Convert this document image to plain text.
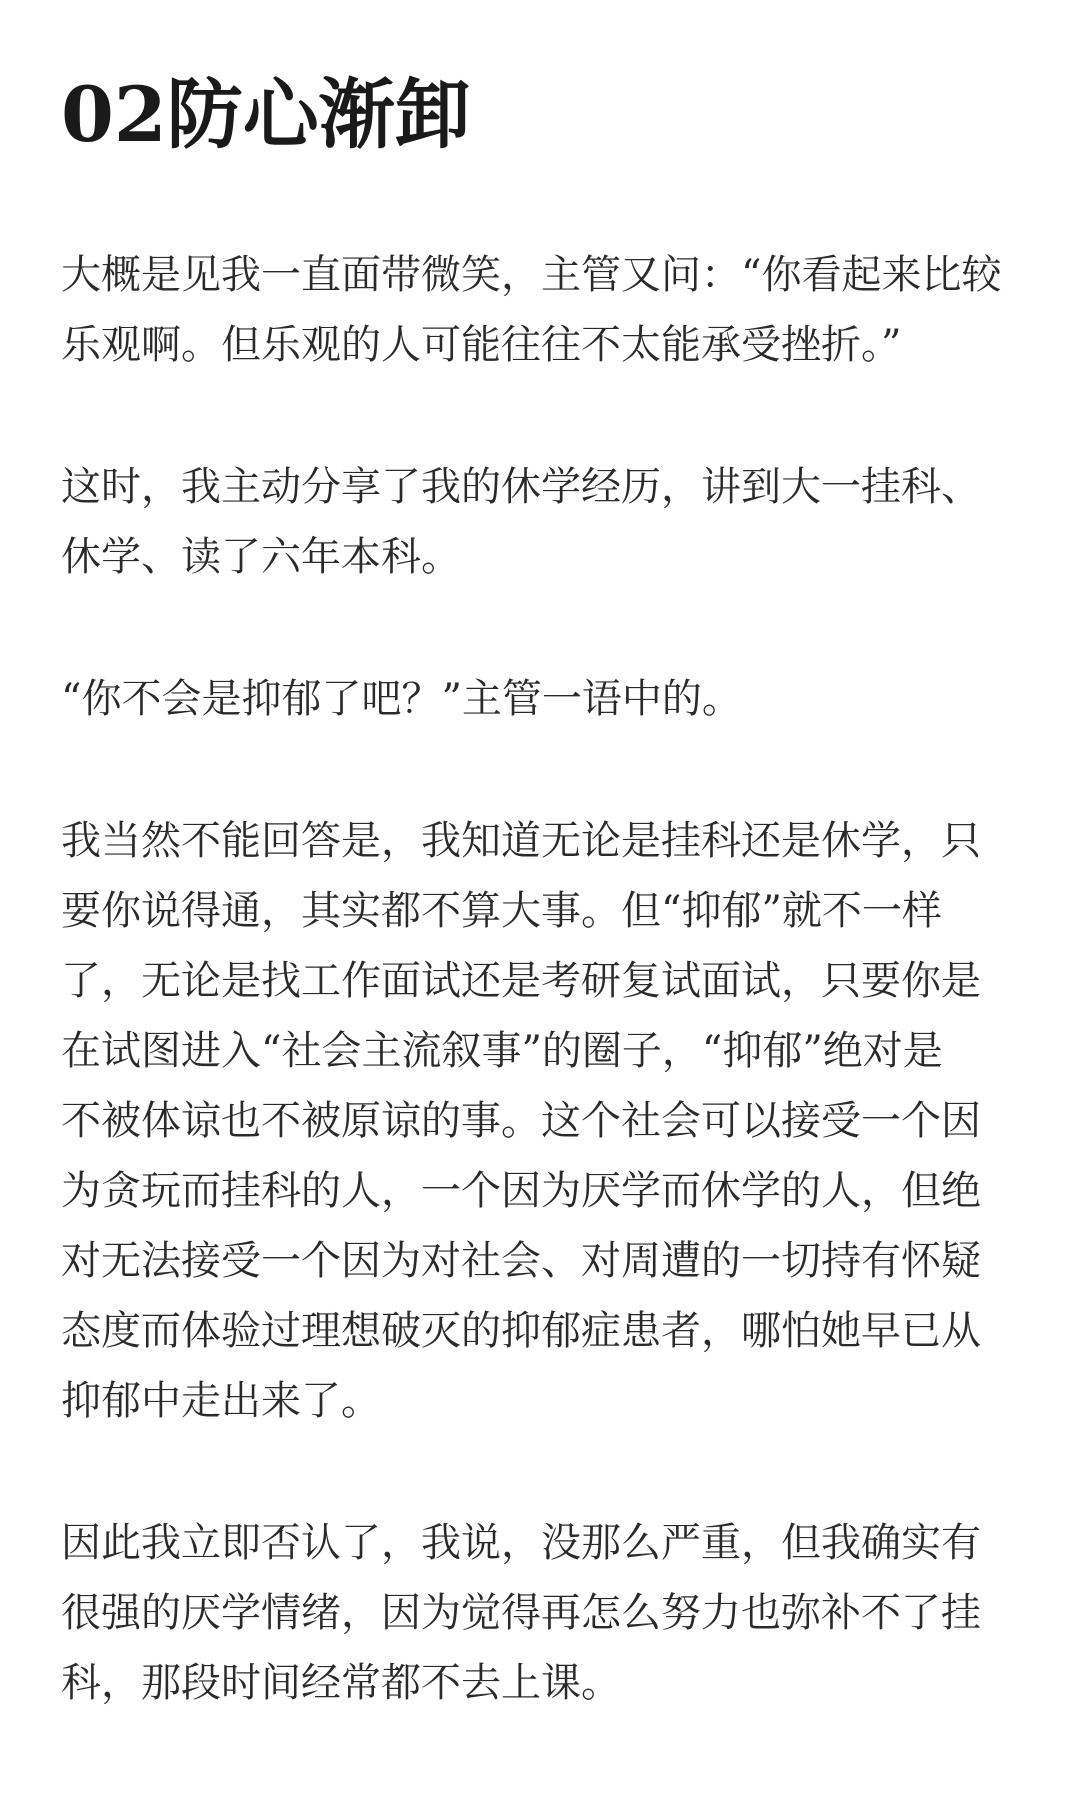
02防心渐卸

大概是见我一直面带微笑，主管又问：“你看起来比较
乐观啊。但乐观的人可能往往不太能承受挫折。”

这时，我主动分享了我的休学经历，讲到大一挂科、
休学、读了六年本科。

“你不会是抑郁了吧？”主管一语中的。

我当然不能回答是，我知道无论是挂科还是休学，只
要你说得通，其实都不算大事。但“抑郁”就不一样
了，无论是找工作面试还是考研复试面试，只要你是
在试图进入“社会主流叙事”的圈子，“抑郁”绝对是
不被体谅也不被原谅的事。这个社会可以接受一个因
为贪玩而挂科的人，一个因为厌学而休学的人，但绝
对无法接受一个因为对社会、对周遭的一切持有怀疑
态度而体验过理想破灭的抑郁症患者，哪怕她早已从
抑郁中走出来了。

因此我立即否认了，我说，没那么严重，但我确实有
很强的厌学情绪，因为觉得再怎么努力也弥补不了挂
科，那段时间经常都不去上课。
